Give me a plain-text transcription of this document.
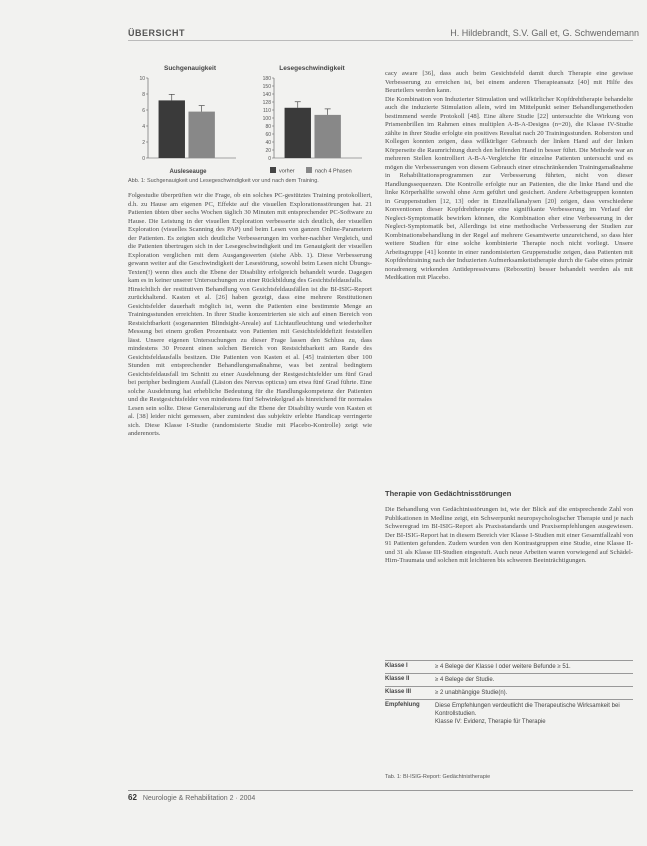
ÜBERSICHT	H. Hildebrandt, S.V. Gall et, G. Schwendemann
Suchgenauigkeit	Lesegeschwindigkeit
Ausleseauge	vorher	nach 4 Phasen
10
8
6
4
2
0
180
150
140
128
110
100
80
60
40
20
0
Abb. 1: Suchgenauigkeit und Lesegeschwindigkeit vor und nach dem Training.

Folgestudie überprüften wir die Frage, ob ein solches PC-gestütztes Training protokolliert, d.h. zu Hause am eigenen PC, Effekte auf die visuellen Explorationsstörungen hat. 21 Patienten übten über sechs Wochen täglich 30 Minuten mit entsprechender PC-Software zu Hause. Die Leistung in der visuellen Exploration verbesserte sich deutlich, der visuellen Exploration (visuelles Scanning des PAP) und beim Lesen von ganzen Online-Parametern der Patienten. Es zeigten sich deutliche Verbesserungen im vorher-nachher Vergleich, und die Patienten übertrugen sich in der Lesegeschwindigkeit und im Genauigkeit der visuellen Exploration verglichen mit dem Ausgangswerten (siehe Abb. 1). Diese Verbesserung gewann weiter auf die Geschwindigkeit der Lesestörung, sowohl beim Lesen nicht Übungs-Texten(!) wenn dies auch die Ebene der Disability erfolgreich behandelt wurde. Dagegen kam es in keiner unserer Untersuchungen zu einer Rückbildung des Gesichtsfeldausfalls.

Hinsichtlich der restitutiven Behandlung von Gesichtsfeldausfällen ist die BI-ISIG-Report zurückhaltend. Kasten et al. [26] haben gezeigt, dass eine mehrere Restitutionen Gesichtsfelder dauerhaft möglich ist, wenn die Patienten eine bestimmte Menge an Trainingsstunden erreichten. In ihrer Studie konzentrierten sie sich auf einen Bereich von Restsichtbarkeit (sogenannten Blindsight-Areale) auf Lichtaufleuchtung und wiederholter Messung bei einem großen Prozentsatz von Patienten mit Gesichtsfelddefizit feststellen lässt. Unsere eigenen Untersuchungen zu dieser Frage lassen den Schluss zu, dass mindestens 30 Prozent einen solchen Bereich von Restsichtbarkeit am Rande des Gesichtsfeldausfalls besitzen. Die Patienten von Kasten et al. [45] trainierten über 100 Stunden mit entsprechender Behandlungsmaßnahme, was bei zentral bedingtem Gesichtsfeldausfall im Schnitt zu einer Ausdehnung der Restgesichtsfelder um fünf Grad bei peripher bedingtem Ausfall (Läsion des Nervus opticus) um etwa fünf Grad führte. Eine solche Ausdehnung hat erhebliche Bedeutung für die Handlungskompetenz der Patienten und die Restgesichtsfelder von mindestens fünf Sehwinkelgrad als hinreichend für normales Lesen sein sollte. Diese Generalisierung auf die Ebene der Disability wurde von Kasten et al. [38] leider nicht gemessen, aber zumindest das subjektiv erlebte Handicap verringerte sich. Diese Klasse I-Studie (randomisierte Studie mit Placebo-Kontrolle) zeigt wie anderenorts.

cacy aware [36], dass auch beim Gesichtsfeld damit durch Therapie eine gewisse Verbesserung zu erreichen ist, bei einem anderen Therapieansatz [40] mit Hilfe des Beurteilers werden kann.

Die Kombination von Induzierter Stimulation und willkürlicher Kopfdrehtherapie behandelte auch die induzierte Stimulation allein, wird im Mittelpunkt seiner Behandlungsmethoden bestimmend werde Protokoll [48]. Eine ältere Studie [22] untersuchte die Wirkung von Prismenbrillen im Rahmen eines multiplen A-B-A-Designs (n=20), die Klasse IV-Studie zählte in ihrer Studie erfolgte ein positives Resultat nach 20 Trainingsstunden. Roberston und Kollegen konnten zeigen, dass willkürliger Gebrauch der linken Hand auf der linken Körperseite die Raumrichtung durch den helfenden Hand in besser führt. Die Methode war an mehreren Stellen kontrolliert A-B-A-Vergleiche für einzelne Patienten untersucht und es mögen die Verbesserungen von diesem Gebrauch einer einschränkenden Trainingsmaßnahme in Rehabilitationsprogrammen zur Verbesserung führten, nicht von dieser Handlungssequenzen. Die Kontrolle erfolgte nur an Patienten, die die linke Hand und die linke Körperhälfte sowohl ohne Arm geführt und gesichert. Andere Arbeitsgruppen konnten in Gruppenstudien [12, 13] oder in Einzelfallanalysen [20] zeigen, dass verschiedene Konventionen dieser Kopfdrehtherapie eine signifikante Verbesserung im Verlauf der Neglect-Symptomatik bewirken können, die Kombination eher eine Verbesserung in der Neglect-Symptomatik bei, Allerdings ist eine methodische Verbesserung der Studien zur Kombinationsbehandlung in der Regel auf mehrere Gesamtwerte unzureichend, so dass hier weitere Studien für eine solche kombinierte Therapie noch nicht vorliegt. Unsere Arbeitsgruppe [41] konnte in einer randomisierten Gruppenstudie zeigen, dass Patienten mit Kopfdrehtraining nach der Induzierten Aufmerksamkeitstherapie durch die Gabe eines primär noradrenerg wirkenden Antidepressivums (Reboxetin) besser behandelt werden als mit Medikation mit Placebo.

Therapie von Gedächtnisstörungen

Die Behandlung von Gedächtnisstörungen ist, wie der Blick auf die entsprechende Zahl von Publikationen in Medline zeigt, ein Schwerpunkt neuropsychologischer Therapie und je nach Schweregrad im BI-ISIG-Report als Praxisstandards und Praxisempfehlungen ausgewiesen. Der BI-ISIG-Report hat in diesem Bereich vier Klasse I-Studien mit einer Gesamtfallzahl von 91 Patienten gefunden. Zudem wurden von den Kontrastgruppen eine Studie, eine Klasse II- und 31 als Klasse III-Studien eingestuft. Auch neue Arbeiten waren vorwiegend auf Schädel-Hirn-Traumata und solchen mit leichteren bis schweren Beeinträchtigungen.

Klasse I	≥ 4 Belege der Klasse I oder weitere Befunde ≥ 51.
Klasse II	≥ 4 Belege der Studie.
Klasse III	≥ 2 unabhängige Studie(n).
Empfehlung	Diese Empfehlungen verdeutlicht die Therapeutische Wirksamkeit bei Kontrollstudien.
Klasse IV: Evidenz, Therapie für Therapie
Tab. 1: BI-ISIG-Report: Gedächtnistherapie
62 Neurologie & Rehabilitation 2 · 2004
